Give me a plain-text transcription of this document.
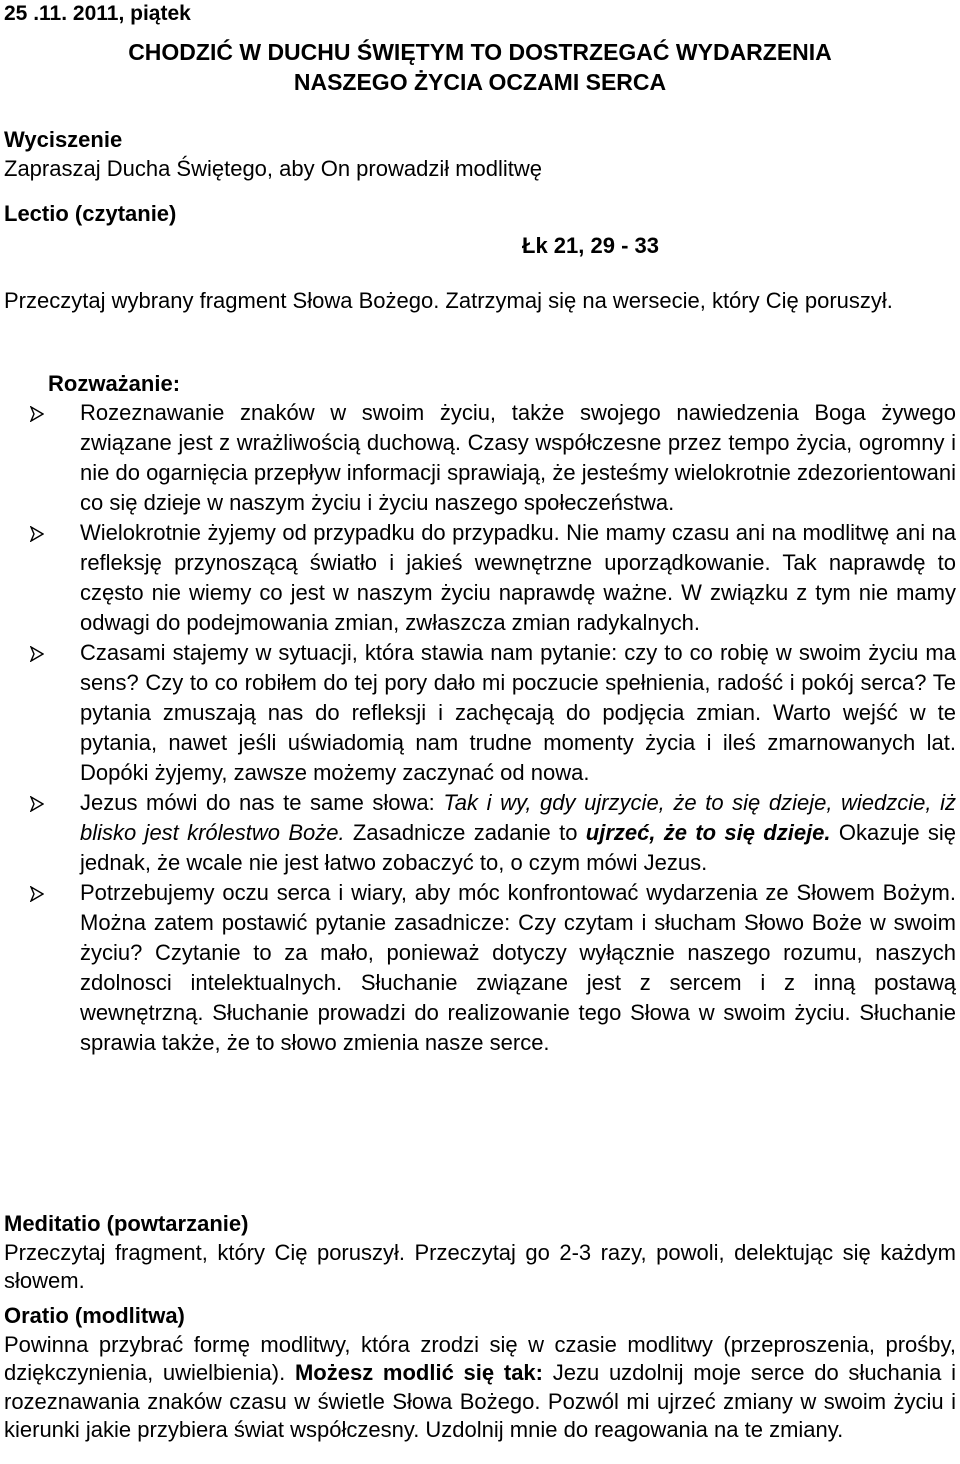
25 .11. 2011, piątek
CHODZIĆ W DUCHU ŚWIĘTYM TO DOSTRZEGAĆ WYDARZENIA
NASZEGO ŻYCIA OCZAMI SERCA
Wyciszenie
Zapraszaj Ducha Świętego, aby On prowadził modlitwę
Lectio (czytanie)
Łk 21, 29 - 33
Przeczytaj wybrany fragment Słowa Bożego. Zatrzymaj się na wersecie, który Cię poruszył.
Rozważanie:
Rozeznawanie znaków w swoim życiu, także swojego nawiedzenia Boga żywego związane jest z wrażliwością duchową. Czasy współczesne przez tempo życia, ogromny i nie do ogarnięcia przepływ informacji sprawiają, że jesteśmy wielokrotnie zdezorientowani co się dzieje w naszym życiu i życiu naszego społeczeństwa.
Wielokrotnie żyjemy od przypadku do przypadku. Nie mamy czasu ani na modlitwę ani na refleksję przynoszącą światło i jakieś wewnętrzne uporządkowanie. Tak naprawdę to często nie wiemy co jest w naszym życiu naprawdę ważne. W związku z tym nie mamy odwagi do podejmowania zmian, zwłaszcza zmian radykalnych.
Czasami stajemy w sytuacji, która stawia nam pytanie: czy to co robię w swoim życiu ma sens? Czy to co robiłem do tej pory dało mi poczucie spełnienia, radość i pokój serca? Te pytania zmuszają nas do refleksji i zachęcają do podjęcia zmian. Warto wejść w te pytania, nawet jeśli uświadomią nam trudne momenty życia i ileś zmarnowanych lat. Dopóki żyjemy, zawsze możemy zaczynać od nowa.
Jezus mówi do nas te same słowa: Tak i wy, gdy ujrzycie, że to się dzieje, wiedzcie, iż blisko jest królestwo Boże. Zasadnicze zadanie to ujrzeć, że to się dzieje. Okazuje się jednak, że wcale nie jest łatwo zobaczyć to, o czym mówi Jezus.
Potrzebujemy oczu serca i wiary, aby móc konfrontować wydarzenia ze Słowem Bożym. Można zatem postawić pytanie zasadnicze: Czy czytam i słucham Słowo Boże w swoim życiu? Czytanie to za mało, ponieważ dotyczy wyłącznie naszego rozumu, naszych zdolnosci intelektualnych. Słuchanie związane jest z sercem i z inną postawą wewnętrzną. Słuchanie prowadzi do realizowanie tego Słowa w swoim życiu. Słuchanie sprawia także, że to słowo zmienia nasze serce.
Meditatio (powtarzanie)
Przeczytaj fragment, który Cię poruszył. Przeczytaj go 2-3 razy, powoli, delektując się każdym słowem.
Oratio (modlitwa)
Powinna przybrać formę modlitwy, która zrodzi się w czasie modlitwy (przeproszenia, prośby, dziękczynienia, uwielbienia). Możesz modlić się tak: Jezu uzdolnij moje serce do słuchania i rozeznawania znaków czasu w świetle Słowa Bożego. Pozwól mi ujrzeć zmiany w swoim życiu i kierunki jakie przybiera świat współczesny. Uzdolnij mnie do reagowania na te zmiany.
